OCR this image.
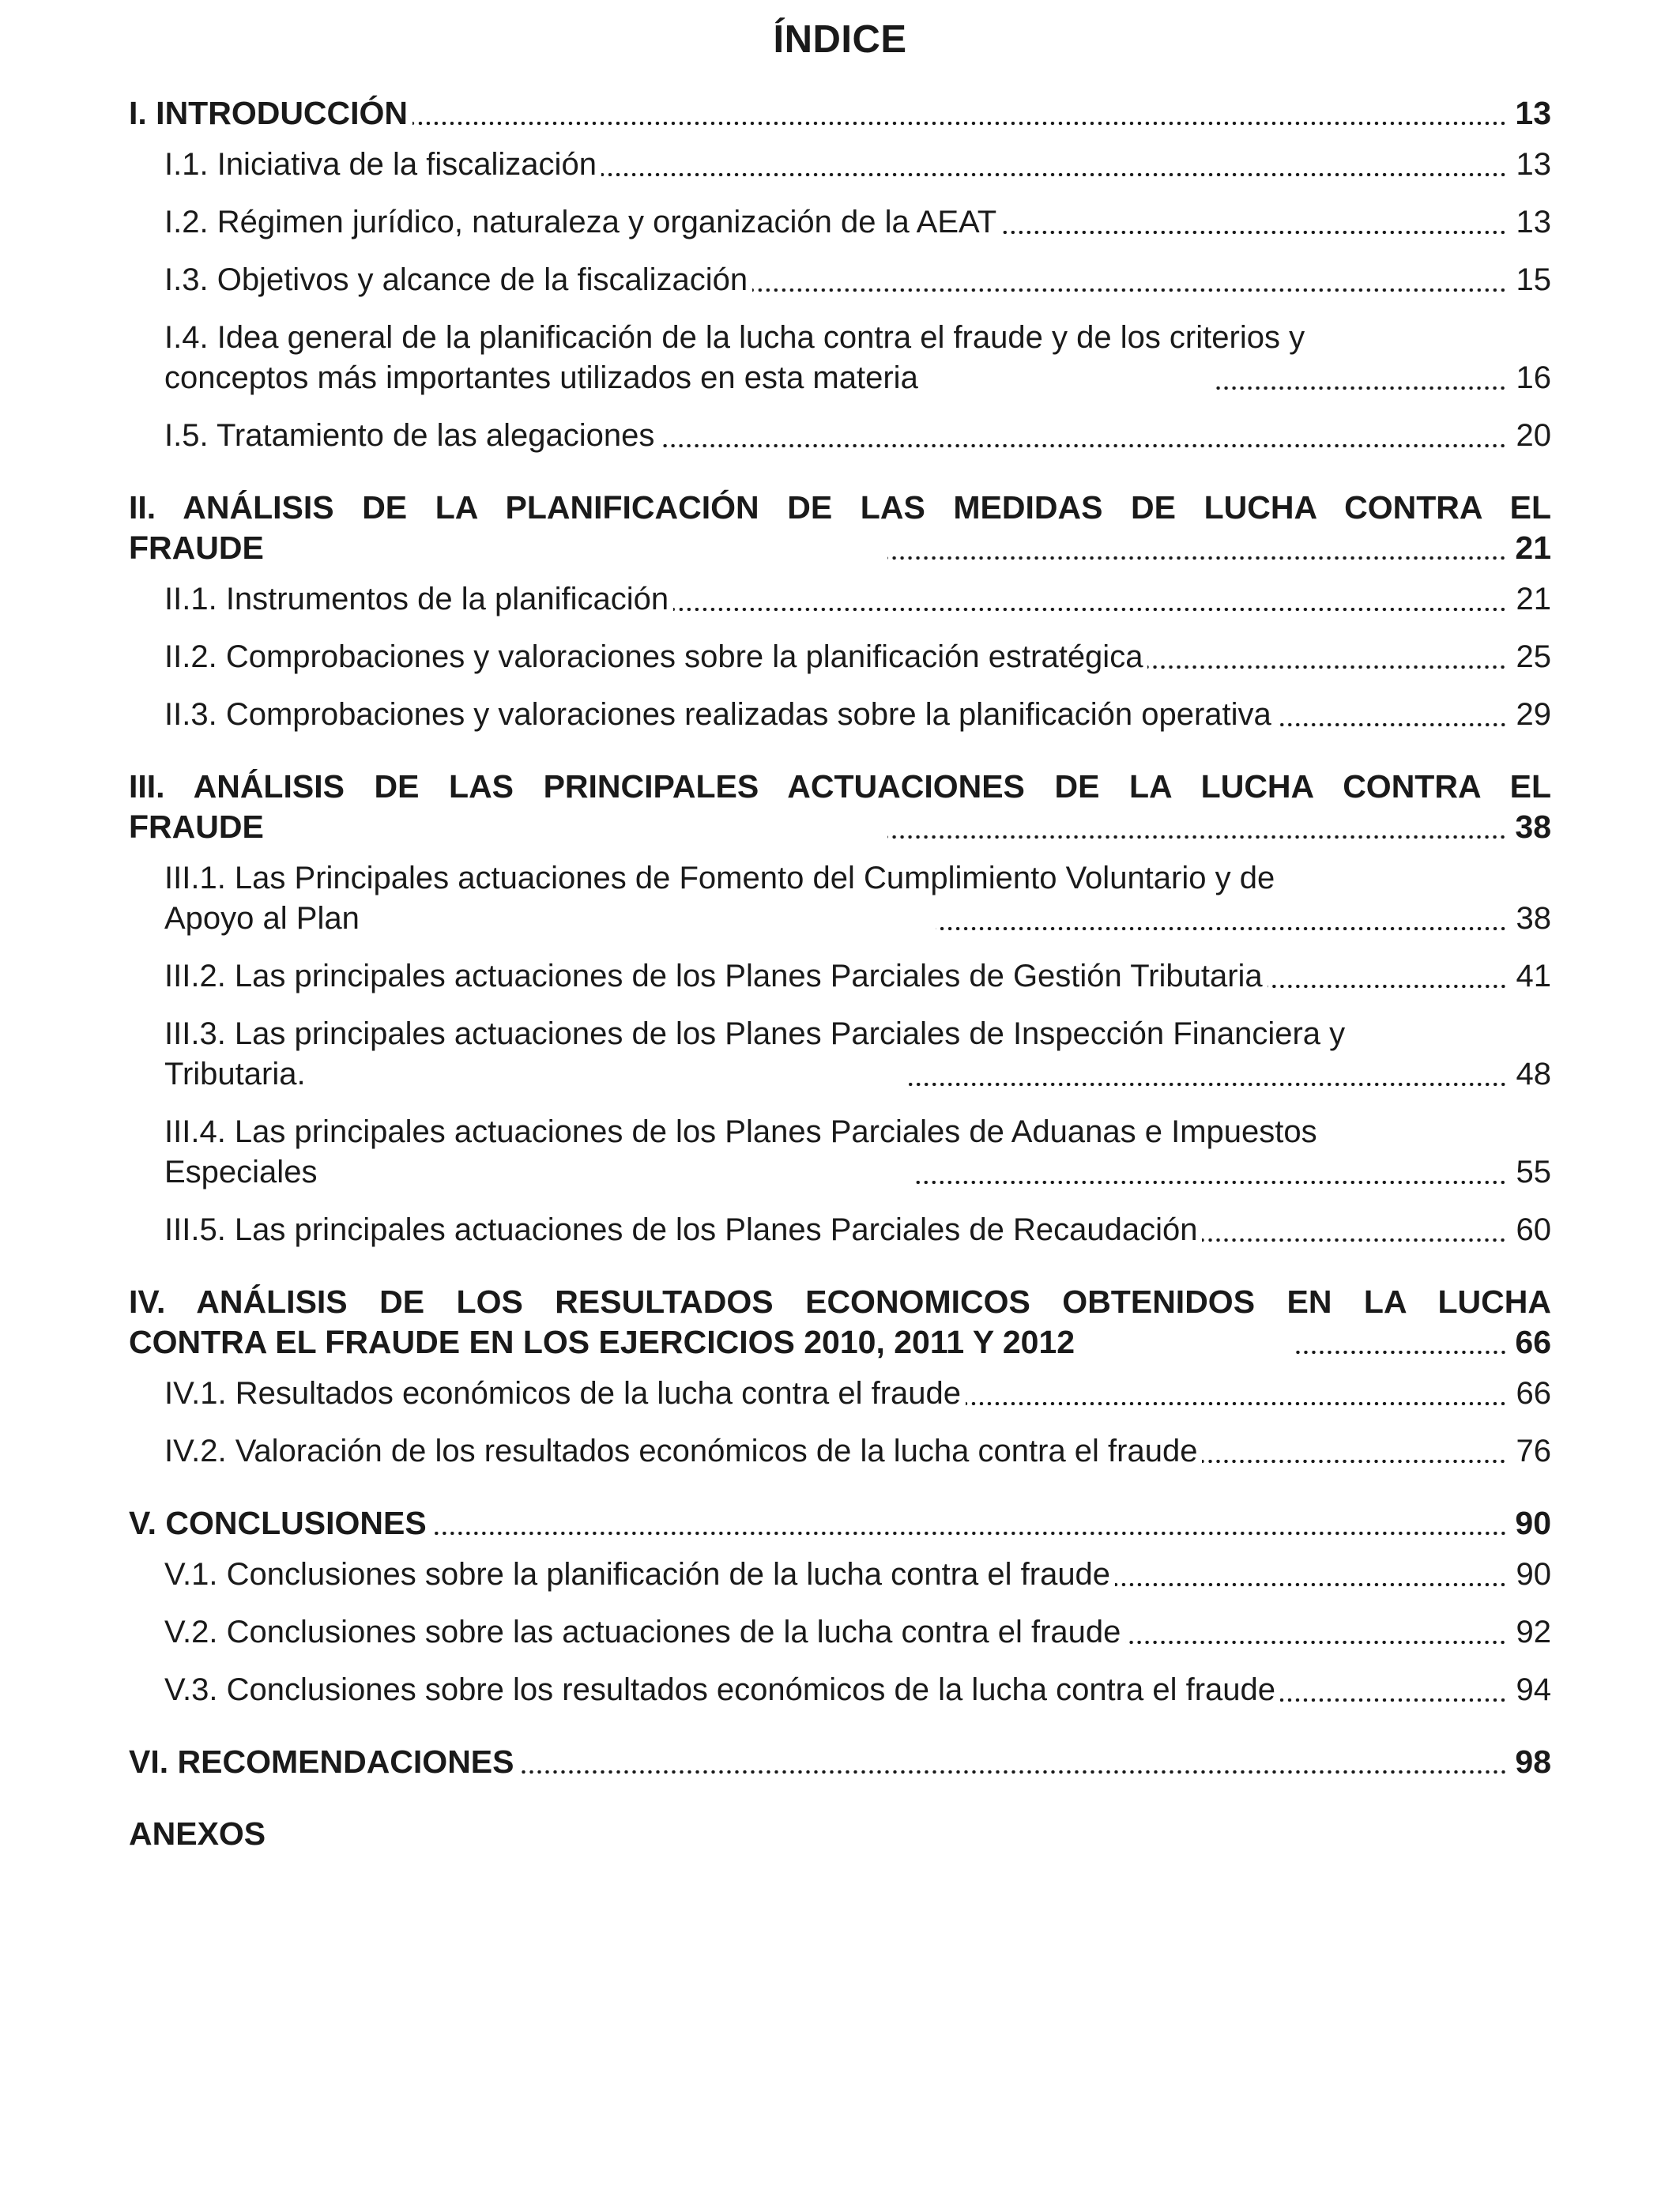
ÍNDICE
I. INTRODUCCIÓN	13
I.1. Iniciativa de la fiscalización	13
I.2. Régimen jurídico, naturaleza y organización de la AEAT	13
I.3. Objetivos y alcance de la fiscalización	15
I.4. Idea general de la planificación de la lucha contra el fraude y de los criterios y
conceptos más importantes utilizados en esta materia	16
I.5. Tratamiento de las alegaciones	20
II. ANÁLISIS DE LA PLANIFICACIÓN DE LAS MEDIDAS DE LUCHA CONTRA EL
FRAUDE	21
II.1. Instrumentos de la planificación	21
II.2. Comprobaciones y valoraciones sobre la planificación estratégica	25
II.3. Comprobaciones y valoraciones realizadas sobre la planificación operativa	29
III. ANÁLISIS DE LAS PRINCIPALES ACTUACIONES DE LA LUCHA CONTRA EL
FRAUDE	38
III.1. Las Principales actuaciones de Fomento del Cumplimiento Voluntario y de
Apoyo al Plan	38
III.2. Las principales actuaciones de los Planes Parciales de Gestión Tributaria	41
III.3. Las principales actuaciones de los Planes Parciales de Inspección Financiera y
Tributaria.	48
III.4. Las principales actuaciones de los Planes Parciales de Aduanas e Impuestos
Especiales	55
III.5. Las principales actuaciones de los Planes Parciales de Recaudación	60
IV. ANÁLISIS DE LOS RESULTADOS ECONOMICOS OBTENIDOS EN LA LUCHA
CONTRA EL FRAUDE EN LOS EJERCICIOS 2010, 2011 Y 2012	66
IV.1. Resultados económicos de la lucha contra el fraude	66
IV.2. Valoración de los resultados económicos de la lucha contra el fraude	76
V. CONCLUSIONES	90
V.1. Conclusiones sobre la planificación de la lucha contra el fraude	90
V.2. Conclusiones sobre las actuaciones de la lucha contra el fraude	92
V.3. Conclusiones sobre los resultados económicos de la lucha contra el fraude	94
VI. RECOMENDACIONES	98
ANEXOS
